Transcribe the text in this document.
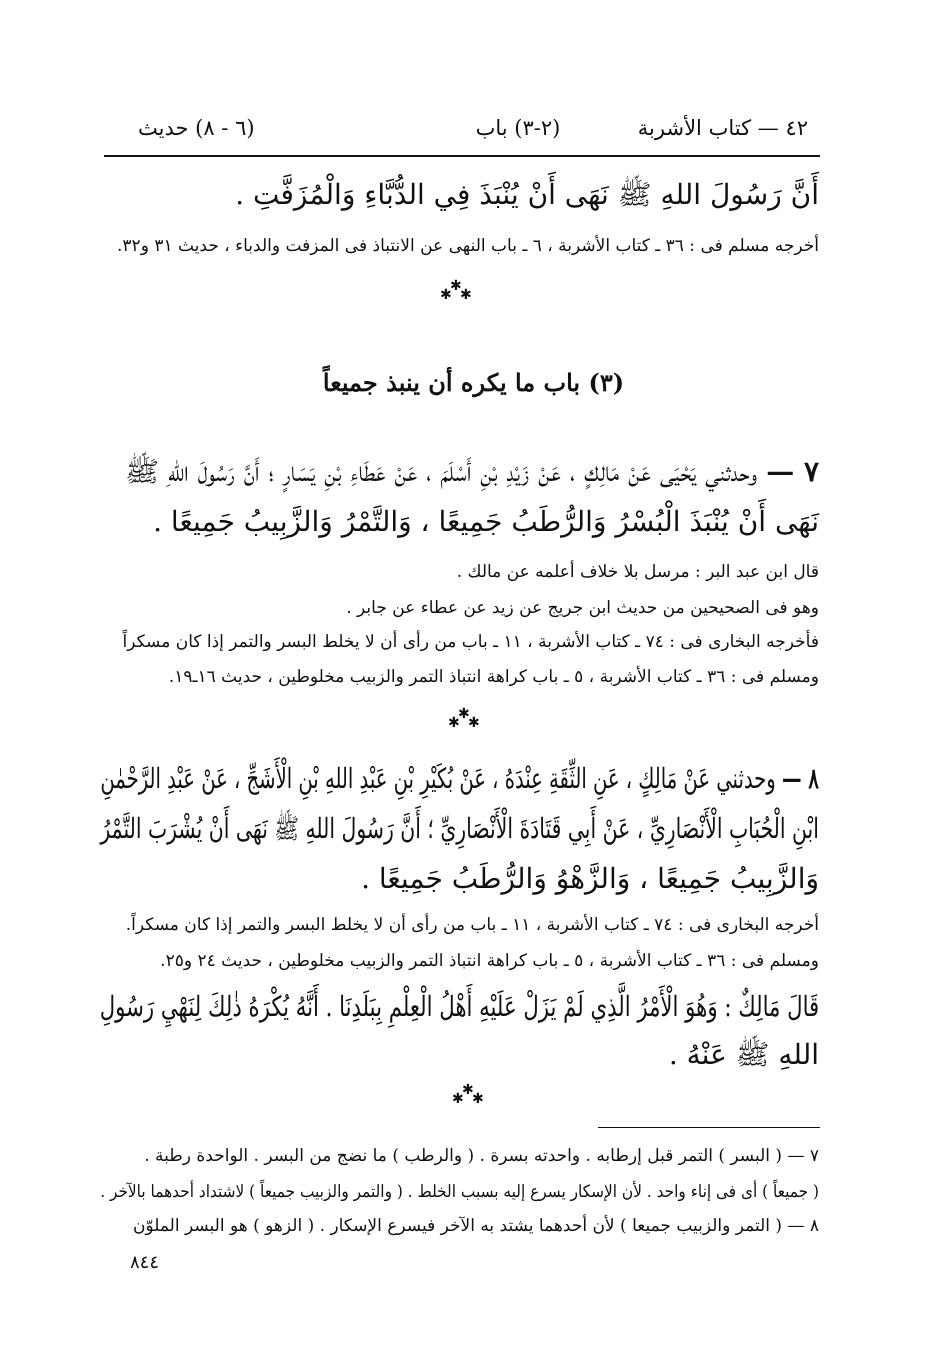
٤٢ — كتاب الأشربة
(٢-٣) باب
(٦ - ٨) حديث
أَنَّ رَسُولَ اللهِ ﷺ نَهَى أَنْ يُنْبَذَ فِي الدُّبَّاءِ وَالْمُزَفَّتِ .
أخرجه مسلم فى : ٣٦ ـ كتاب الأشربة ، ٦ ـ باب النهى عن الانتباذ فى المزفت والدباء ، حديث ٣١ و٣٢.
✱
✱ ✱
(٣) باب ما يكره أن ينبذ جميعاً
٧ — وحدثني يَحْيَى عَنْ مَالِكٍ ، عَنْ زَيْدِ بْنِ أَسْلَمَ ، عَنْ عَطَاءِ بْنِ يَسَارٍ ؛ أَنَّ رَسُولَ اللهِ ﷺ
نَهَى أَنْ يُنْبَذَ الْبُسْرُ وَالرُّطَبُ جَمِيعًا ، وَالتَّمْرُ وَالزَّبِيبُ جَمِيعًا .
قال ابن عبد البر : مرسل بلا خلاف أعلمه عن مالك .
وهو فى الصحيحين من حديث ابن جريج عن زيد عن عطاء عن جابر .
فأخرجه البخارى فى : ٧٤ ـ كتاب الأشربة ، ١١ ـ باب من رأى أن لا يخلط البسر والتمر إذا كان مسكراً
ومسلم فى : ٣٦ ـ كتاب الأشربة ، ٥ ـ باب كراهة انتباذ التمر والزبيب مخلوطين ، حديث ١٦ـ١٩.
✱
✱ ✱
٨ — وحدثني عَنْ مَالِكٍ ، عَنِ الثِّقَةِ عِنْدَهُ ، عَنْ بُكَيْرِ بْنِ عَبْدِ اللهِ بْنِ الْأَشَجِّ ، عَنْ عَبْدِ الرَّحْمٰنِ
ابْنِ الْحُبَابِ الْأَنْصَارِيِّ ، عَنْ أَبِي قَتَادَةَ الْأَنْصَارِيِّ ؛ أَنَّ رَسُولَ اللهِ ﷺ نَهَى أَنْ يُشْرَبَ التَّمْرُ
وَالزَّبِيبُ جَمِيعًا ، وَالزَّهْوُ وَالرُّطَبُ جَمِيعًا .
أخرجه البخارى فى : ٧٤ ـ كتاب الأشربة ، ١١ ـ باب من رأى أن لا يخلط البسر والتمر إذا كان مسكراً.
ومسلم فى : ٣٦ ـ كتاب الأشربة ، ٥ ـ باب كراهة انتباذ التمر والزبيب مخلوطين ، حديث ٢٤ و٢٥.
قَالَ مَالِكٌ : وَهُوَ الْأَمْرُ الَّذِي لَمْ يَزَلْ عَلَيْهِ أَهْلُ الْعِلْمِ بِبَلَدِنَا . أَنَّهُ يُكْرَهُ ذٰلِكَ لِنَهْيِ رَسُولِ
اللهِ ﷺ عَنْهُ .
✱
✱ ✱
٧ — ( البسر ) التمر قبل إرطابه . واحدته بسرة . ( والرطب ) ما نضج من البسر . الواحدة رطبة .
( جميعاً ) أى فى إناء واحد . لأن الإسكار يسرع إليه بسبب الخلط . ( والتمر والزبيب جميعاً ) لاشتداد أحدهما بالآخر .
٨ — ( التمر والزبيب جميعا ) لأن أحدهما يشتد به الآخر فيسرع الإسكار . ( الزهو ) هو البسر الملوّن
٨٤٤
